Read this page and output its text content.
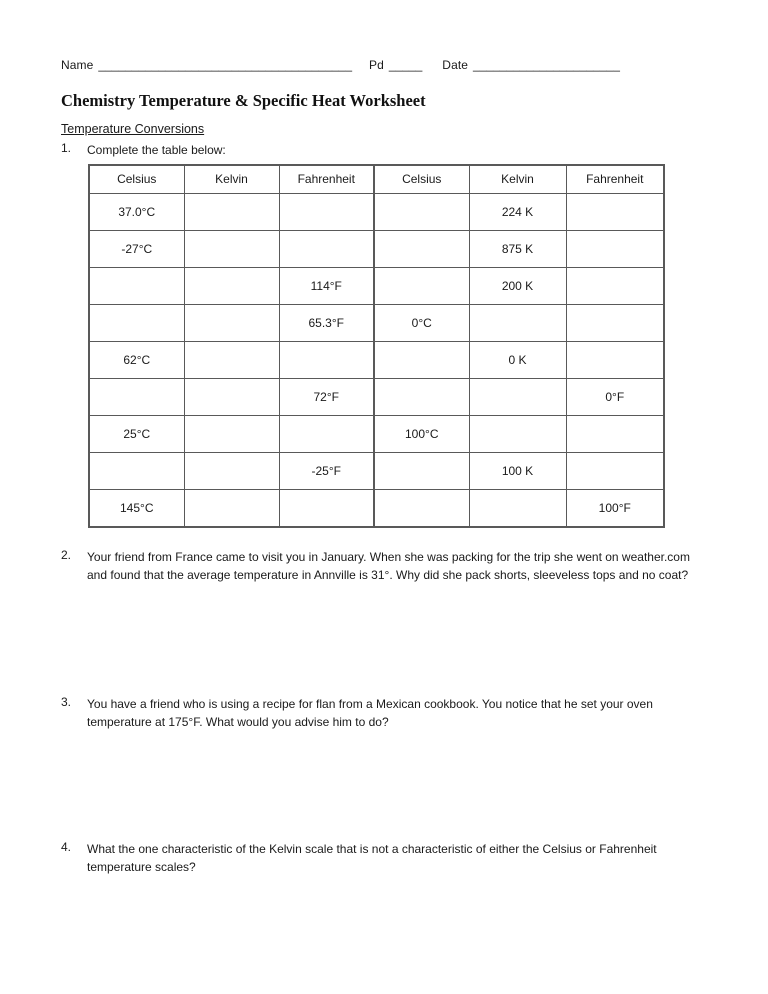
Name ______________________________________ Pd _____ Date ______________________
Chemistry Temperature & Specific Heat Worksheet
Temperature Conversions
1.	Complete the table below:
Celsius	Kelvin	Fahrenheit	Celsius	Kelvin	Fahrenheit
37.0°C				224 K	
-27°C				875 K	
		114°F		200 K	
		65.3°F	0°C		
62°C				0 K	
		72°F			0°F
25°C			100°C		
		-25°F		100 K	
145°C					100°F
2.	Your friend from France came to visit you in January. When she was packing for the trip she went on weather.com and found that the average temperature in Annville is 31°. Why did she pack shorts, sleeveless tops and no coat?
3.	You have a friend who is using a recipe for flan from a Mexican cookbook. You notice that he set your oven temperature at 175°F. What would you advise him to do?
4.	What the one characteristic of the Kelvin scale that is not a characteristic of either the Celsius or Fahrenheit temperature scales?
